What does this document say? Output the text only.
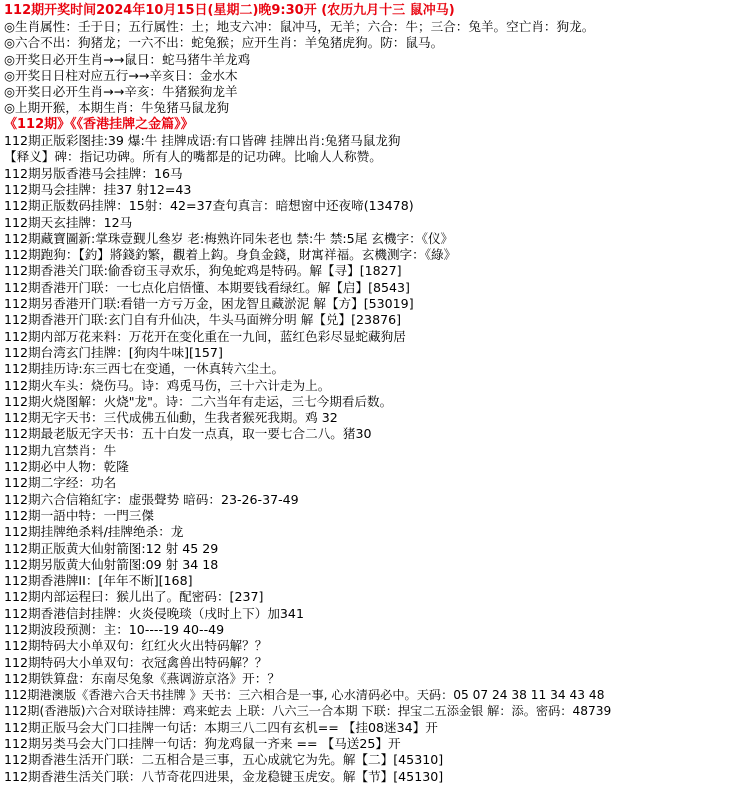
112期开奖时间2024年10月15日(星期二)晚9:30开 (农历九月十三 鼠冲马)
◎生肖属性：壬于日；五行属性：土；地支六冲：鼠冲马，无羊；六合：牛；三合：兔羊。空亡肖：狗龙。
◎六合不出：狗猪龙；一六不出：蛇兔猴；应开生肖：羊兔猪虎狗。防：鼠马。
◎开奖日必开生肖→→鼠日：蛇马猪牛羊龙鸡
◎开奖日日柱对应五行→→辛亥日：金水木
◎开奖日必开生肖→→辛亥：牛猪猴狗龙羊
◎上期开猴，本期生肖：牛兔猪马鼠龙狗
《112期》《《香港挂牌之金篇》》
112期正版彩图挂:39 爆:牛 挂牌成语:有口皆碑 挂牌出肖:兔猪马鼠龙狗
【释义】碑：指记功碑。所有人的嘴都是的记功碑。比喻人人称赞。
112期另版香港马会挂牌：16马
112期马会挂牌：挂37 射12=43
112期正版数码挂牌：15射：42=37查句真言：暗想窗中还夜啼(13478)
112期天玄挂牌：12马
112期藏寶圖新:掌珠壹觐儿叄岁 老:梅熟许同朱老也 禁:牛 禁:5尾 玄機字：《仪》
112期跑狗：【釣】將錢釣繁，觀着上鈎。身負金錢，財寓祥福。玄機测字：《綠》
112期香港关门联:偷香窃玉寻欢乐，狗兔蛇鸡是特码。解【寻】[1827]
112期香港开门联：一七点化启悟懂、本期要钱看绿红。解【启】[8543]
112期另香港开门联:看错一方亏万金，困龙智且藏淤泥 解【方】[53019]
112期香港开门联:玄门自有升仙决，牛头马面辨分明 解【兑】[23876]
112期内部万花来料：万花开在变化重在一九间，蓝红色彩尽显蛇藏狗居
112期台湾玄门挂牌：[狗肉牛味][157]
112期挂历诗:东三西七在变通，一休真转六尘土。
112期火车头：烧伤马。诗：鸡兎马伤，三十六计走为上。
112期火烧图解：火烧"龙"。诗：二六当年有走运，三七今期看后数。
112期无字天书：三代成佛五仙動，生我者猴死我期。鸡 32
112期最老版无字天书：五十白发一点真，取一要七合二八。猪30
112期九宫禁肖：牛
112期必中人物：乾隆
112期二字经：功名
112期六合信箱紅字：虚張聲势 暗码：23-26-37-49
112期一語中特：一門三傑
112期挂牌绝杀料/挂牌绝杀：龙
112期正版黄大仙射箭图:12 射 45 29
112期另版黄大仙射箭图:09 射 34 18
112期香港牌II：[年年不断][168]
112期内部运程曰：猴儿出了。配密码：[237]
112期香港信封挂牌：火炎侵晚琰（戌时上下）加341
112期波段预测：主：10----19 40--49
112期特码大小单双句：红红火火出特码解？？
112期特码大小单双句：衣冠禽兽出特码解？？
112期铁算盘：东南尽兔象《燕调游京洛》开：？
112期港澳版《香港六合天书挂牌 》天书：三六相合是一事, 心水清码必中。天码：05 07 24 38 11 34 43 48
112期(香港版)六合对联诗挂牌：鸡来蛇去 上联：八六三一合本期 下联：捍宝二五添金银 解：添。密码：48739
112期正版马会大门口挂牌一句话：本期三八二四有玄机== 【挂08迷34】开
112期另类马会大门口挂牌一句话：狗龙鸡鼠一齐来 == 【马送25】开
112期香港生活开门联：二五相合是三事，五心成就它为先。解【二】[45310]
112期香港生活关门联：八节奇花四进果，金龙稳键玉虎安。解【节】[45130]
